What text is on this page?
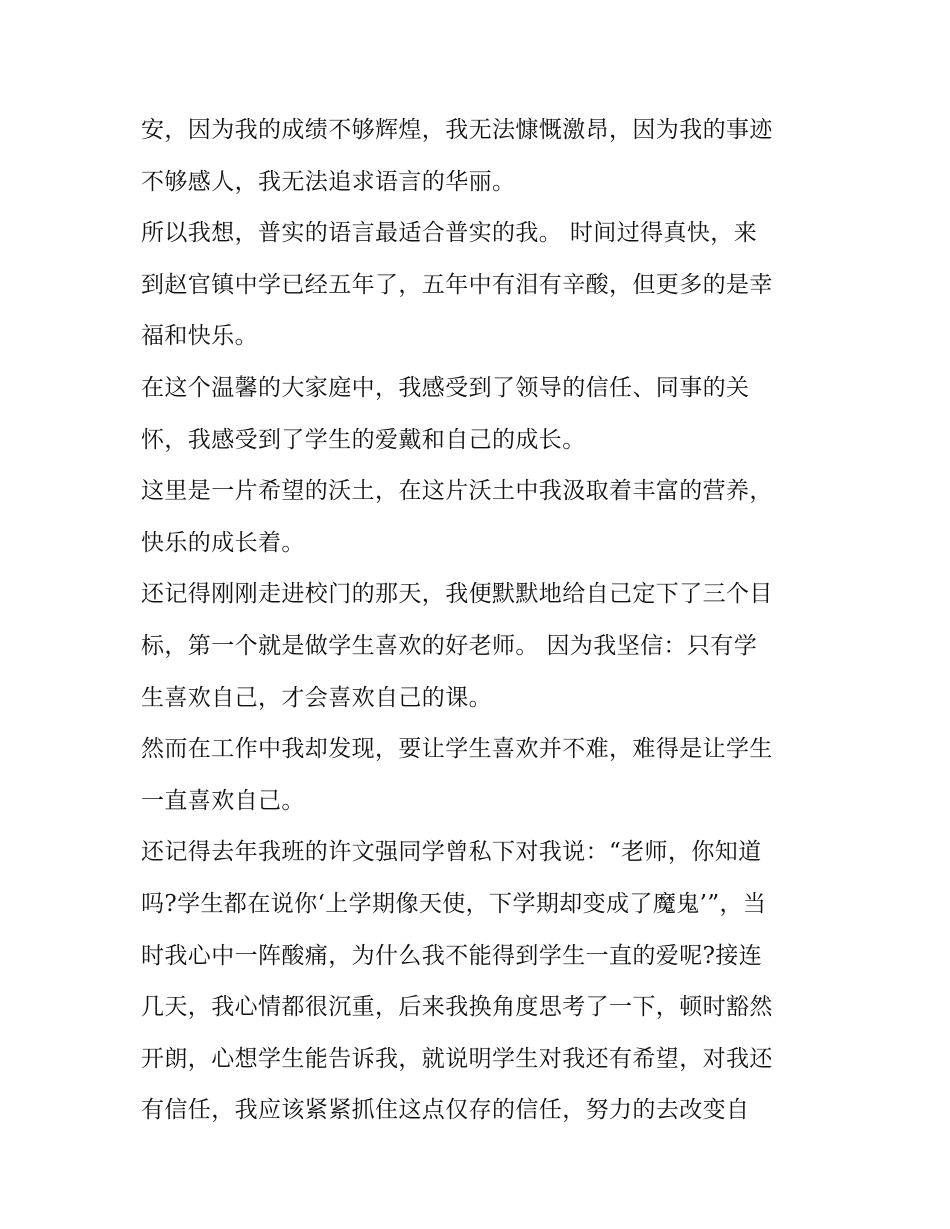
安，因为我的成绩不够辉煌，我无法慷慨激昂，因为我的事迹
不够感人，我无法追求语言的华丽。
所以我想，普实的语言最适合普实的我。 时间过得真快，来
到赵官镇中学已经五年了，五年中有泪有辛酸，但更多的是幸
福和快乐。
在这个温馨的大家庭中，我感受到了领导的信任、同事的关
怀，我感受到了学生的爱戴和自己的成长。
这里是一片希望的沃土，在这片沃土中我汲取着丰富的营养，
快乐的成长着。
还记得刚刚走进校门的那天，我便默默地给自己定下了三个目
标，第一个就是做学生喜欢的好老师。 因为我坚信：只有学
生喜欢自己，才会喜欢自己的课。
然而在工作中我却发现，要让学生喜欢并不难，难得是让学生
一直喜欢自己。
还记得去年我班的许文强同学曾私下对我说：“老师，你知道
吗?学生都在说你‘上学期像天使，下学期却变成了魔鬼’”，当
时我心中一阵酸痛，为什么我不能得到学生一直的爱呢?接连
几天，我心情都很沉重，后来我换角度思考了一下，顿时豁然
开朗，心想学生能告诉我，就说明学生对我还有希望，对我还
有信任，我应该紧紧抓住这点仅存的信任，努力的去改变自
